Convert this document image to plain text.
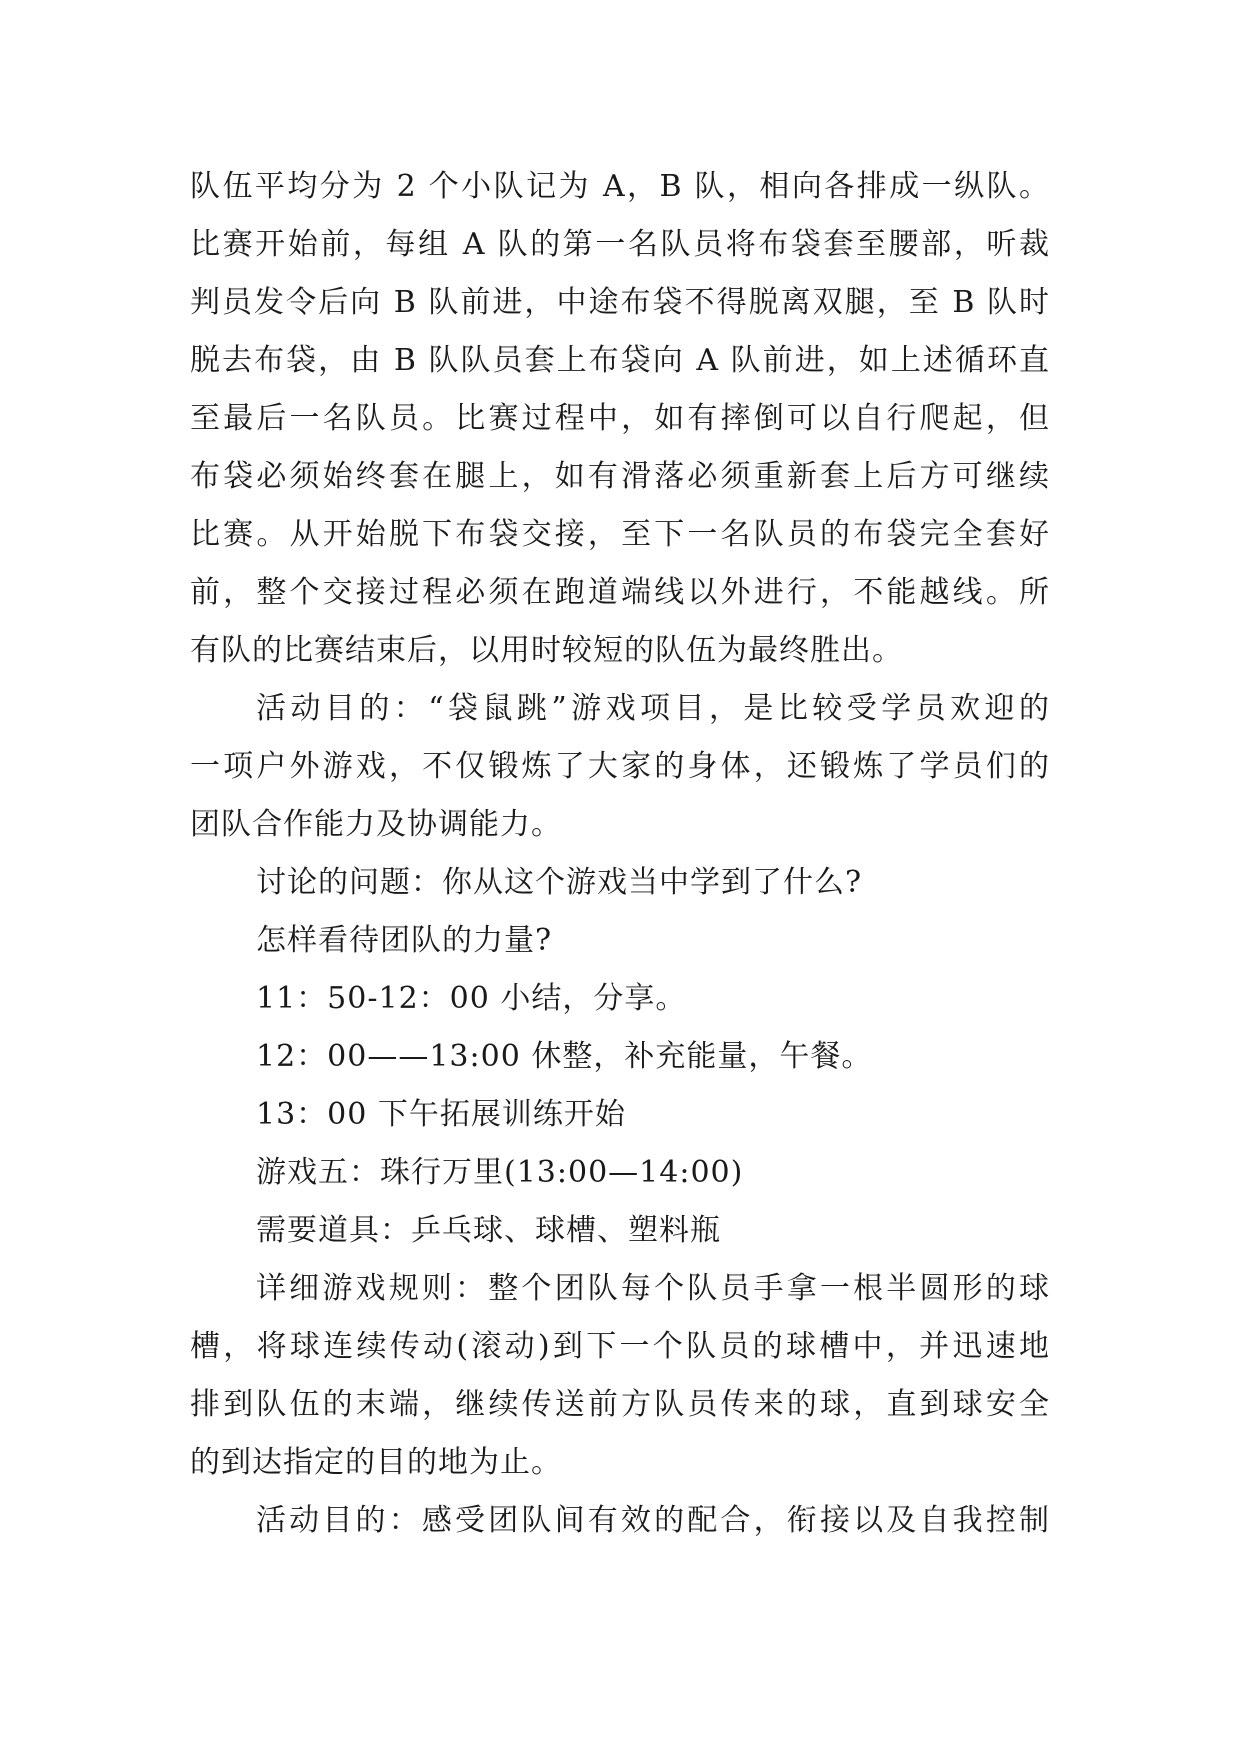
队伍平均分为 2 个小队记为 A，B 队，相向各排成一纵队。
比赛开始前，每组 A 队的第一名队员将布袋套至腰部，听裁
判员发令后向 B 队前进，中途布袋不得脱离双腿，至 B 队时
脱去布袋，由 B 队队员套上布袋向 A 队前进，如上述循环直
至最后一名队员。比赛过程中，如有摔倒可以自行爬起，但
布袋必须始终套在腿上，如有滑落必须重新套上后方可继续
比赛。从开始脱下布袋交接，至下一名队员的布袋完全套好
前，整个交接过程必须在跑道端线以外进行，不能越线。所
有队的比赛结束后，以用时较短的队伍为最终胜出。
活动目的：“袋鼠跳”游戏项目，是比较受学员欢迎的
一项户外游戏，不仅锻炼了大家的身体，还锻炼了学员们的
团队合作能力及协调能力。
讨论的问题：你从这个游戏当中学到了什么?
怎样看待团队的力量?
11：50-12：00 小结，分享。
12：00——13:00 休整，补充能量，午餐。
13：00 下午拓展训练开始
游戏五：珠行万里(13:00—14:00)
需要道具：乒乓球、球槽、塑料瓶
详细游戏规则：整个团队每个队员手拿一根半圆形的球
槽，将球连续传动(滚动)到下一个队员的球槽中，并迅速地
排到队伍的末端，继续传送前方队员传来的球，直到球安全
的到达指定的目的地为止。
活动目的：感受团队间有效的配合，衔接以及自我控制
